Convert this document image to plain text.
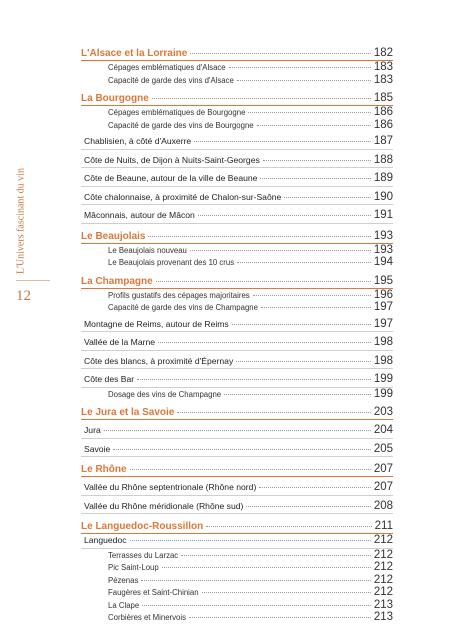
L'Univers fascinant du vin
12
L'Alsace et la Lorraine	182
Cépages emblématiques d'Alsace	183
Capacité de garde des vins d'Alsace	183
La Bourgogne	185
Cépages emblématiques de Bourgogne	186
Capacité de garde des vins de Bourgogne	186
Chablisien, à côté d'Auxerre	187
Côte de Nuits, de Dijon à Nuits-Saint-Georges	188
Côte de Beaune, autour de la ville de Beaune	189
Côte chalonnaise, à proximité de Chalon-sur-Saône	190
Mâconnais, autour de Mâcon	191
Le Beaujolais	193
Le Beaujolais nouveau	193
Le Beaujolais provenant des 10 crus	194
La Champagne	195
Profils gustatifs des cépages majoritaires	196
Capacité de garde des vins de Champagne	197
Montagne de Reims, autour de Reims	197
Vallée de la Marne	198
Côte des blancs, à proximité d'Épernay	198
Côte des Bar	199
Dosage des vins de Champagne	199
Le Jura et la Savoie	203
Jura	204
Savoie	205
Le Rhône	207
Vallée du Rhône septentrionale (Rhône nord)	207
Vallée du Rhône méridionale (Rhône sud)	208
Le Languedoc-Roussillon	211
Languedoc	212
Terrasses du Larzac	212
Pic Saint-Loup	212
Pézenas	212
Faugères et Saint-Chinian	212
La Clape	213
Corbières et Minervois	213
